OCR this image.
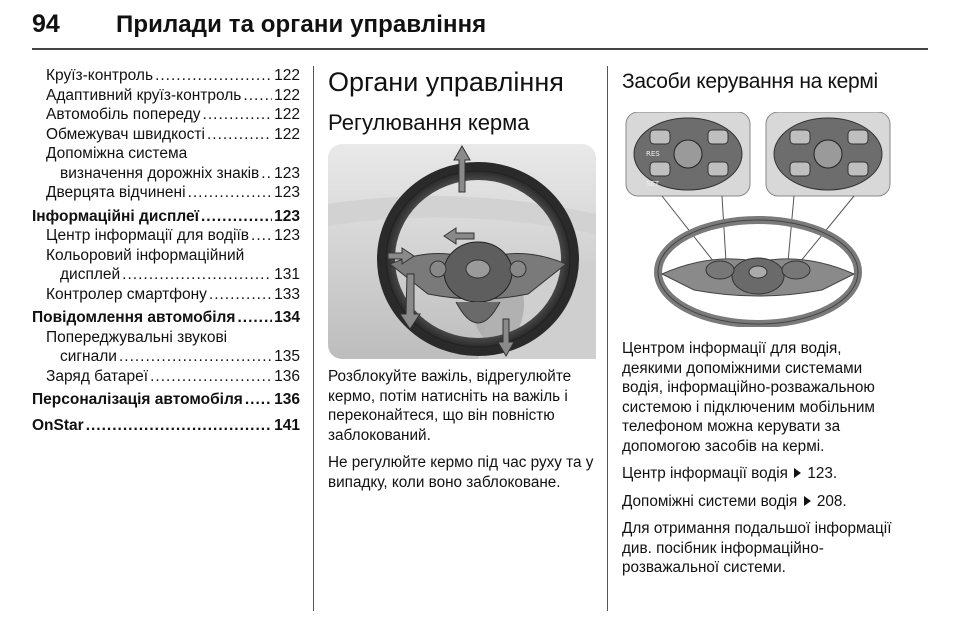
94 Прилади та органи управління
Круїз-контроль .....	122
Адаптивний круїз-контроль ..... 122
Автомобіль попереду .....	122
Обмежувач швидкості .....	122
Допоміжна система
визначення дорожніх знаків ..... 123
Дверцята відчинені .....	123
Інформаційні дисплеї .....	123
Центр інформації для водіїв ..... 123
Кольоровий інформаційний
дисплей .....	131
Контролер смартфону .....	133
Повідомлення автомобіля ..... 134
Попереджувальні звукові
сигнали .....	135
Заряд батареї .....	136
Персоналізація автомобіля ..... 136
OnStar .....	141
Органи управління
Регулювання керма

Розблокуйте важіль, відрегулюйте кермо, потім натисніть на важіль і переконайтеся, що він повністю заблокований.

Не регулюйте кермо під час руху та у випадку, коли воно заблоковане.

Засоби керування на кермі
RES
SET

Центром інформації для водія, деякими допоміжними системами водія, інформаційно-розважальною системою і підключеним мобільним телефоном можна керувати за допомогою засобів на кермі.

Центр інформації водія 123.

Допоміжні системи водія 208.

Для отримання подальшої інформації див. посібник інформаційно-розважальної системи.
